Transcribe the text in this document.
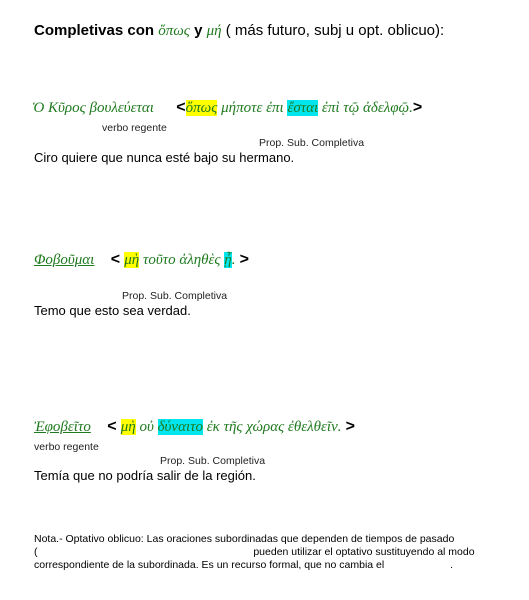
Completivas con ὅπως y μή ( más futuro, subj u opt. oblicuo):
Ὁ Κῦρος βουλεύεται <ὅπως μήποτε ἐπι ἔσται ἐπὶ τῷ ἀδελφῷ.>
verbo regente
Prop. Sub. Completiva
Ciro quiere que nunca esté bajo su hermano.
Φοβοῦμαι < μὴ τοῦτο ἀληθὲς ᾖ. >
Prop. Sub. Completiva
Temo que esto sea verdad.
Ἐφοβεῖτο < μὴ οὐ δύναιτο ἐκ τῆς χώρας ἐθελθεῖν. >
verbo regente
Prop. Sub. Completiva
Temía que no podría salir de la región.
Nota.- Optativo oblicuo: Las oraciones subordinadas que dependen de tiempos de pasado
(	pueden utilizar el optativo sustituyendo al modo
correspondiente de la subordinada. Es un recurso formal, que no cambia el	.
